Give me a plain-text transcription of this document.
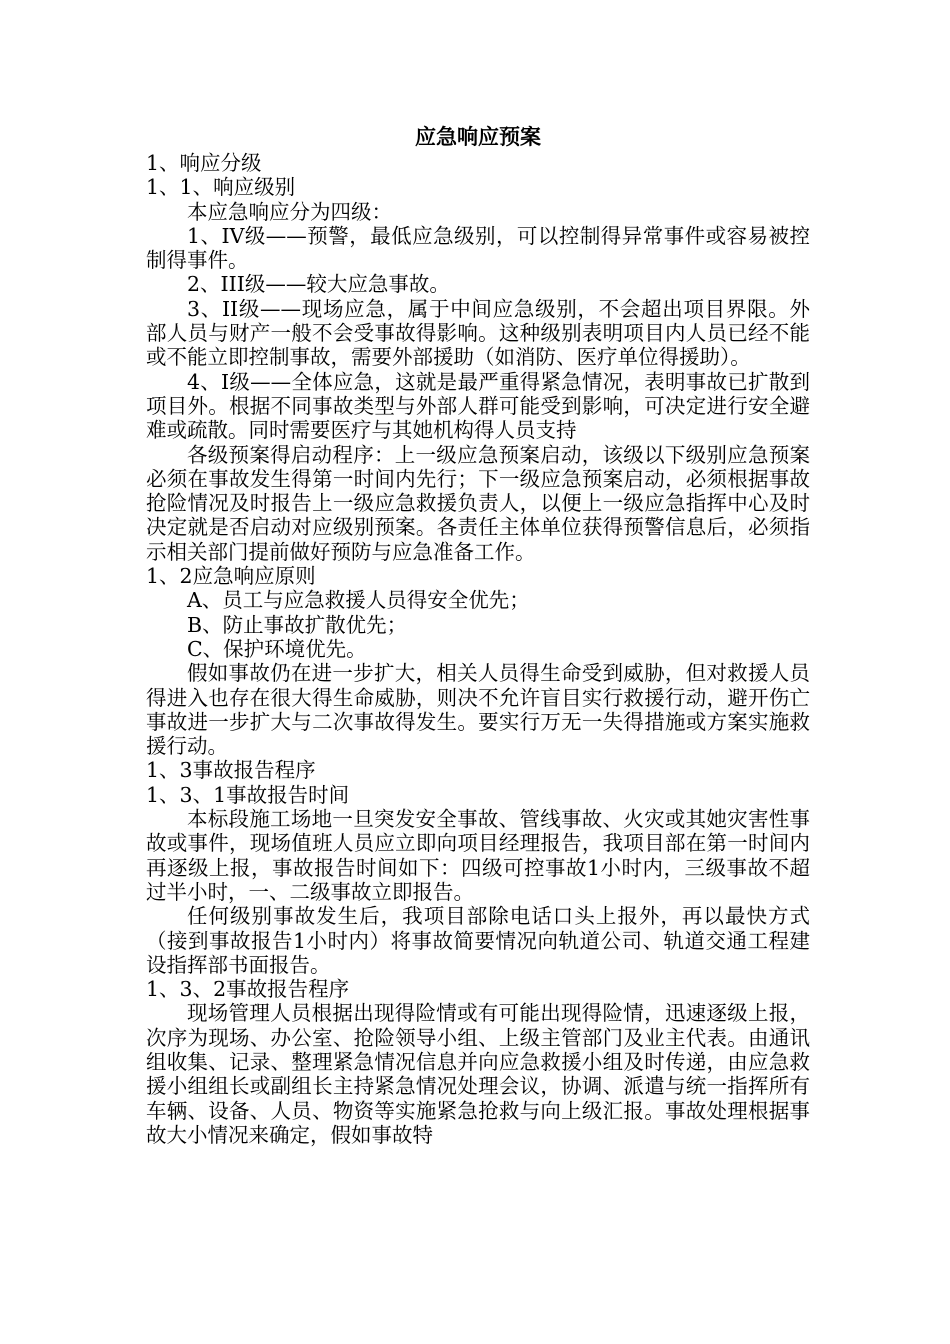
应急响应预案

1、响应分级

1、1、响应级别

本应急响应分为四级：

1、IV级——预警，最低应急级别，可以控制得异常事件或容易被控制得事件。

2、III级——较大应急事故。

3、II级——现场应急，属于中间应急级别，不会超出项目界限。外部人员与财产一般不会受事故得影响。这种级别表明项目内人员已经不能或不能立即控制事故，需要外部援助（如消防、医疗单位得援助）。

4、I级——全体应急，这就是最严重得紧急情况，表明事故已扩散到项目外。根据不同事故类型与外部人群可能受到影响，可决定进行安全避难或疏散。同时需要医疗与其她机构得人员支持

各级预案得启动程序：上一级应急预案启动，该级以下级别应急预案必须在事故发生得第一时间内先行；下一级应急预案启动，必须根据事故抢险情况及时报告上一级应急救援负责人，以便上一级应急指挥中心及时决定就是否启动对应级别预案。各责任主体单位获得预警信息后，必须指示相关部门提前做好预防与应急准备工作。

1、2应急响应原则

A、员工与应急救援人员得安全优先；

B、防止事故扩散优先；

C、保护环境优先。

假如事故仍在进一步扩大，相关人员得生命受到威胁，但对救援人员得进入也存在很大得生命威胁，则决不允许盲目实行救援行动，避开伤亡事故进一步扩大与二次事故得发生。要实行万无一失得措施或方案实施救援行动。

1、3事故报告程序

1、3、1事故报告时间

本标段施工场地一旦突发安全事故、管线事故、火灾或其她灾害性事故或事件，现场值班人员应立即向项目经理报告，我项目部在第一时间内再逐级上报，事故报告时间如下：四级可控事故1小时内，三级事故不超过半小时，一、二级事故立即报告。

任何级别事故发生后，我项目部除电话口头上报外，再以最快方式（接到事故报告1小时内）将事故简要情况向轨道公司、轨道交通工程建设指挥部书面报告。

1、3、2事故报告程序

现场管理人员根据出现得险情或有可能出现得险情，迅速逐级上报，次序为现场、办公室、抢险领导小组、上级主管部门及业主代表。由通讯组收集、记录、整理紧急情况信息并向应急救援小组及时传递，由应急救援小组组长或副组长主持紧急情况处理会议，协调、派遣与统一指挥所有车辆、设备、人员、物资等实施紧急抢救与向上级汇报。事故处理根据事故大小情况来确定，假如事故特
